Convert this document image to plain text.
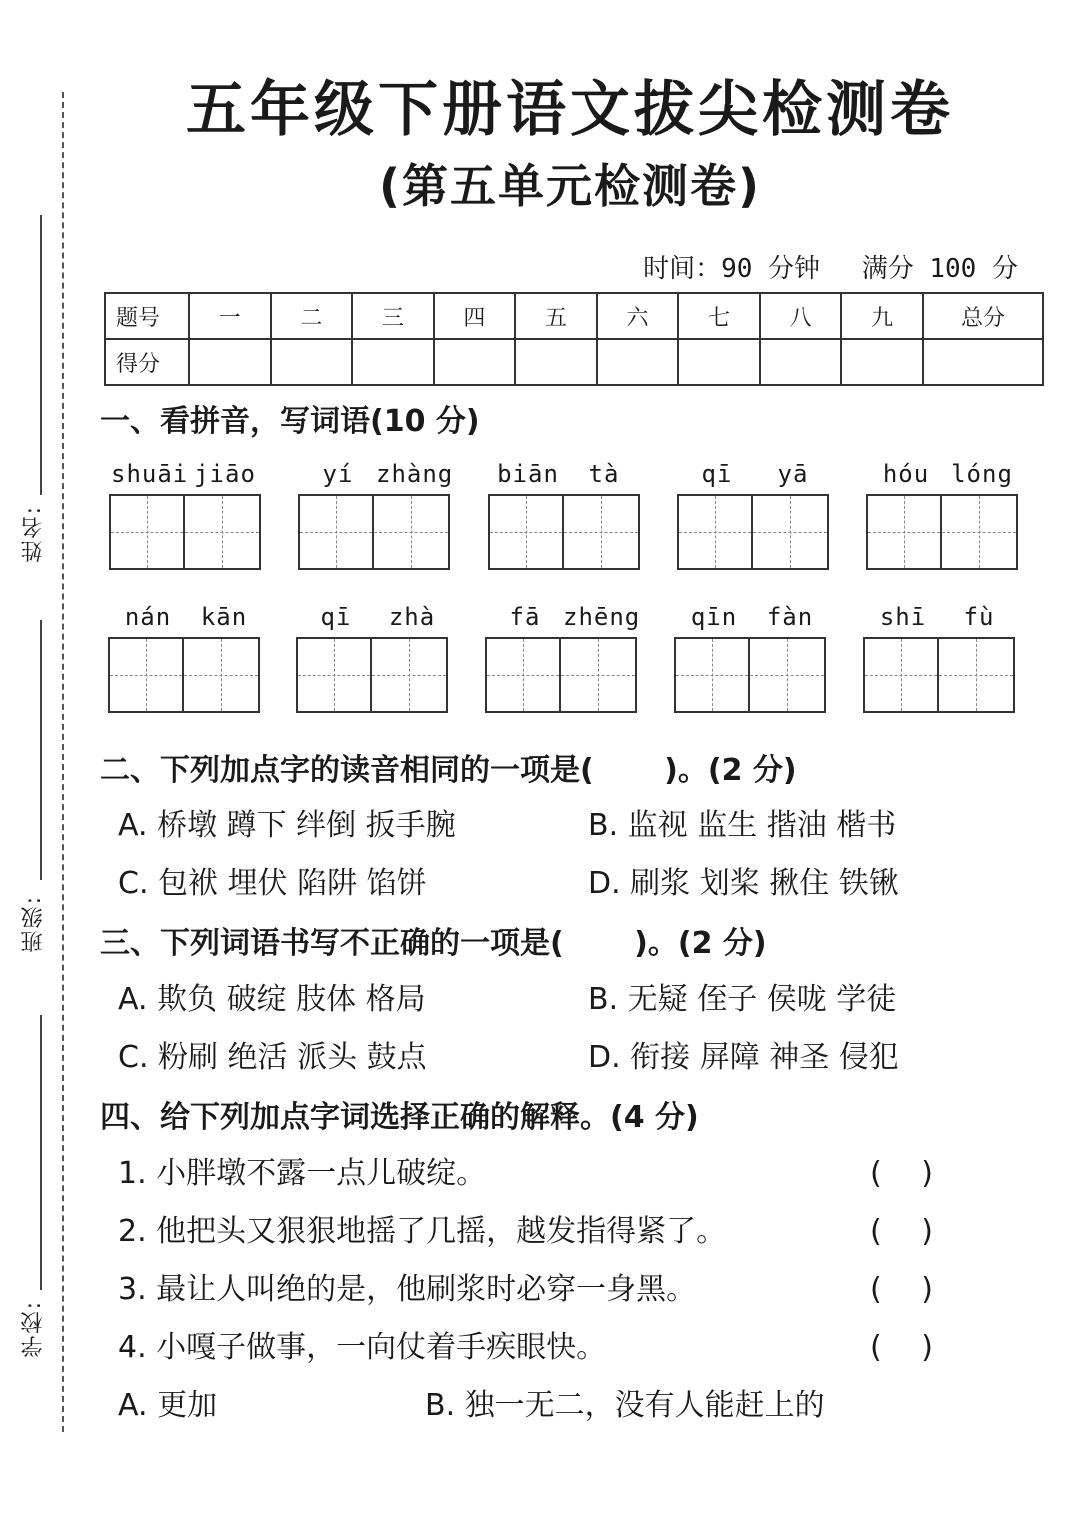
姓名:
班级:
学校:
五年级下册语文拔尖检测卷
(第五单元检测卷)
时间：90 分钟 满分 100 分
题号	一	二	三	四	五	六	七	八	九	总分
得分										
一、看拼音，写词语(10 分)
shuāi jiāo	yí zhàng	biān tà	qī yā	hóu lóng
nán kān	qī zhà	fā zhēng	qīn fàn	shī fù
二、下列加点字的读音相同的一项是(　　 )。(2 分)
A. 桥墩 蹲下 绊倒 扳手腕	B. 监视 监生 揩油 楷书
C. 包袱 埋伏 陷阱 馅饼	D. 刷浆 划桨 揪住 铁锹
三、下列词语书写不正确的一项是(　　 )。(2 分)
A. 欺负 破绽 肢体 格局	B. 无疑 侄子 侯咙 学徒
C. 粉刷 绝活 派头 鼓点	D. 衔接 屏障 神圣 侵犯
四、给下列加点字词选择正确的解释。(4 分)
1. 小胖墩不露一点儿破绽。	(　 )
2. 他把头又狠狠地摇了几摇，越发指得紧了。	(　 )
3. 最让人叫绝的是，他刷浆时必穿一身黑。	(　 )
4. 小嘎子做事，一向仗着手疾眼快。	(　 )
A. 更加	B. 独一无二，没有人能赶上的
